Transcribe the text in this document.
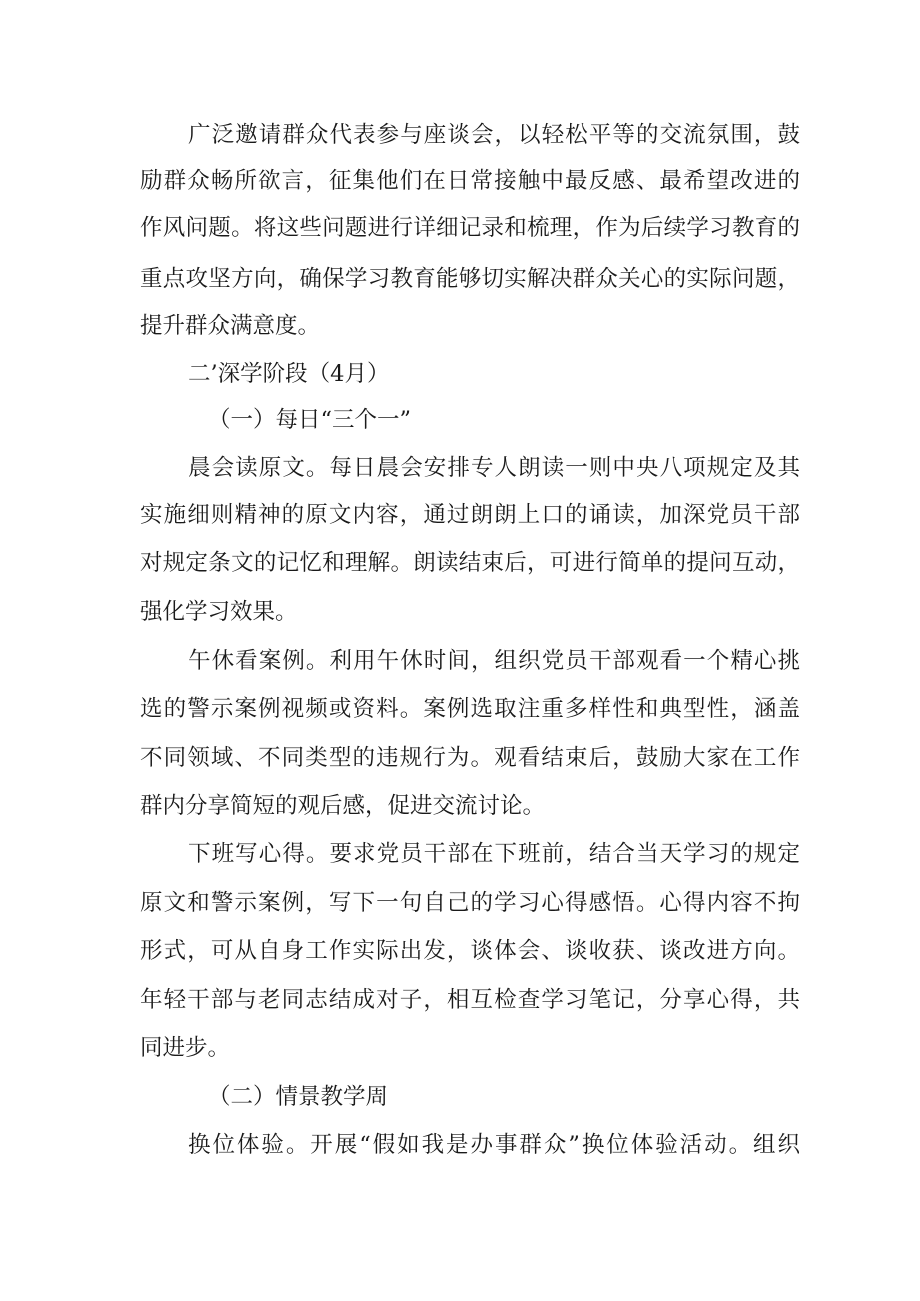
广泛邀请群众代表参与座谈会，以轻松平等的交流氛围，鼓
励群众畅所欲言，征集他们在日常接触中最反感、最希望改进的
作风问题。将这些问题进行详细记录和梳理，作为后续学习教育的
重点攻坚方向，确保学习教育能够切实解决群众关心的实际问题，
提升群众满意度。
二’深学阶段（4月）
（一）每日“三个一”
晨会读原文。每日晨会安排专人朗读一则中央八项规定及其
实施细则精神的原文内容，通过朗朗上口的诵读，加深党员干部
对规定条文的记忆和理解。朗读结束后，可进行简单的提问互动，
强化学习效果。
午休看案例。利用午休时间，组织党员干部观看一个精心挑
选的警示案例视频或资料。案例选取注重多样性和典型性，涵盖
不同领域、不同类型的违规行为。观看结束后，鼓励大家在工作
群内分享简短的观后感，促进交流讨论。
下班写心得。要求党员干部在下班前，结合当天学习的规定
原文和警示案例，写下一句自己的学习心得感悟。心得内容不拘
形式，可从自身工作实际出发，谈体会、谈收获、谈改进方向。
年轻干部与老同志结成对子，相互检查学习笔记，分享心得，共
同进步。
（二）情景教学周
换位体验。开展“假如我是办事群众”换位体验活动。组织
